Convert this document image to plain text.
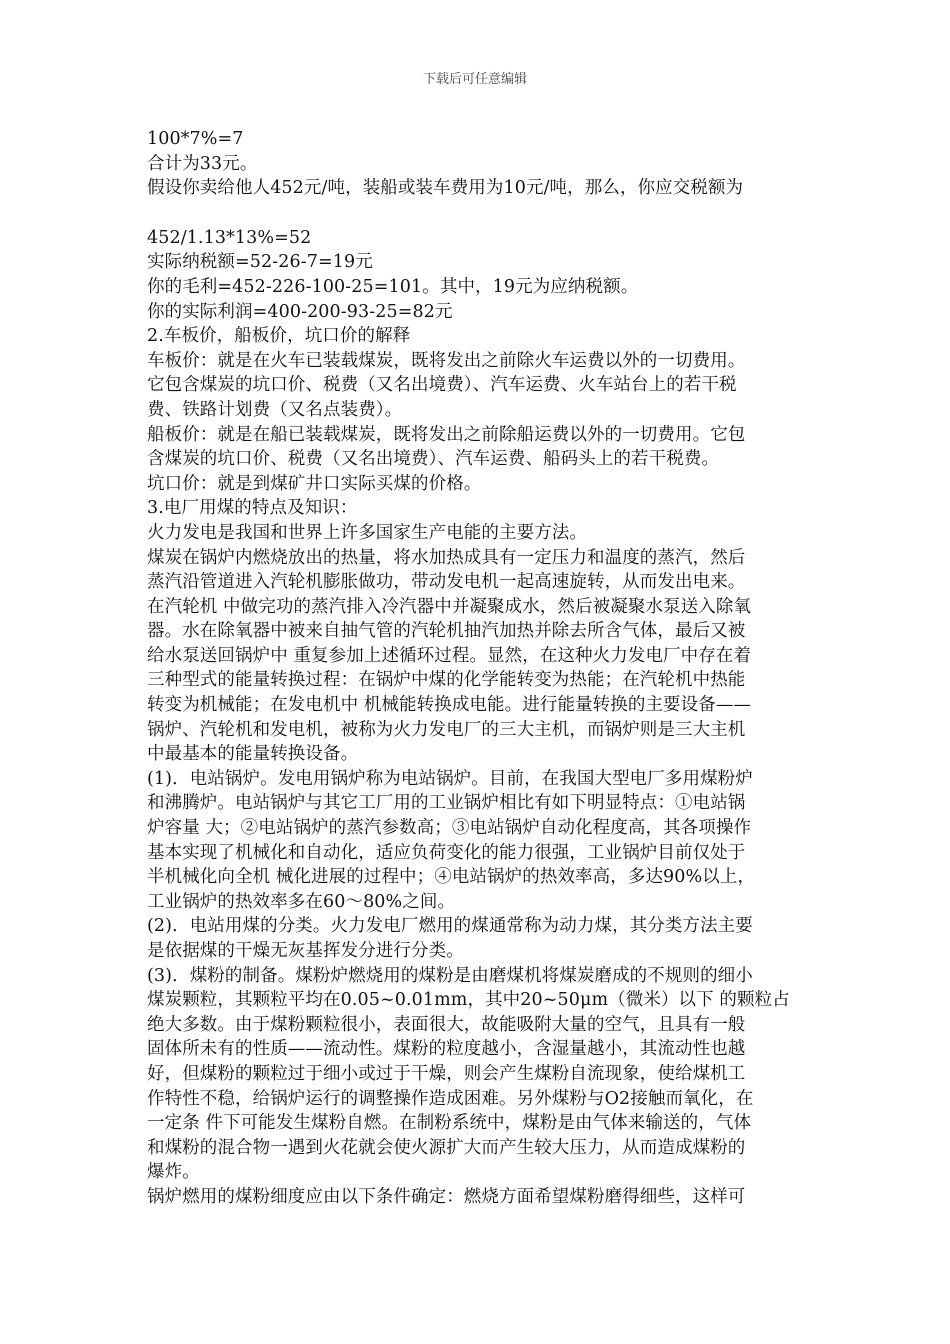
下载后可任意编辑
100*7%=7
合计为33元。
假设你卖给他人452元/吨，装船或装车费用为10元/吨，那么，你应交税额为
452/1.13*13%=52
实际纳税额=52-26-7=19元
你的毛利=452-226-100-25=101。其中，19元为应纳税额。
你的实际利润=400-200-93-25=82元
2.车板价，船板价，坑口价的解释
车板价：就是在火车已装载煤炭，既将发出之前除火车运费以外的一切费用。
它包含煤炭的坑口价、税费（又名出境费）、汽车运费、火车站台上的若干税
费、铁路计划费（又名点装费）。
船板价：就是在船已装载煤炭，既将发出之前除船运费以外的一切费用。它包
含煤炭的坑口价、税费（又名出境费）、汽车运费、船码头上的若干税费。
坑口价：就是到煤矿井口实际买煤的价格。
3.电厂用煤的特点及知识：
火力发电是我国和世界上许多国家生产电能的主要方法。
煤炭在锅炉内燃烧放出的热量，将水加热成具有一定压力和温度的蒸汽，然后
蒸汽沿管道进入汽轮机膨胀做功，带动发电机一起高速旋转，从而发出电来。
在汽轮机 中做完功的蒸汽排入冷汽器中并凝聚成水，然后被凝聚水泵送入除氧
器。水在除氧器中被来自抽气管的汽轮机抽汽加热并除去所含气体，最后又被
给水泵送回锅炉中 重复参加上述循环过程。显然，在这种火力发电厂中存在着
三种型式的能量转换过程：在锅炉中煤的化学能转变为热能；在汽轮机中热能
转变为机械能；在发电机中 机械能转换成电能。进行能量转换的主要设备——
锅炉、汽轮机和发电机，被称为火力发电厂的三大主机，而锅炉则是三大主机
中最基本的能量转换设备。
(1)．电站锅炉。发电用锅炉称为电站锅炉。目前，在我国大型电厂多用煤粉炉
和沸腾炉。电站锅炉与其它工厂用的工业锅炉相比有如下明显特点：①电站锅
炉容量 大；②电站锅炉的蒸汽参数高；③电站锅炉自动化程度高，其各项操作
基本实现了机械化和自动化，适应负荷变化的能力很强，工业锅炉目前仅处于
半机械化向全机 械化进展的过程中；④电站锅炉的热效率高，多达90%以上，
工业锅炉的热效率多在60～80%之间。
(2)．电站用煤的分类。火力发电厂燃用的煤通常称为动力煤，其分类方法主要
是依据煤的干燥无灰基挥发分进行分类。
(3)．煤粉的制备。煤粉炉燃烧用的煤粉是由磨煤机将煤炭磨成的不规则的细小
煤炭颗粒，其颗粒平均在0.05~0.01mm，其中20~50μm（微米）以下 的颗粒占
绝大多数。由于煤粉颗粒很小，表面很大，故能吸附大量的空气，且具有一般
固体所未有的性质——流动性。煤粉的粒度越小，含湿量越小，其流动性也越
好，但煤粉的颗粒过于细小或过于干燥，则会产生煤粉自流现象，使给煤机工
作特性不稳，给锅炉运行的调整操作造成困难。另外煤粉与O2接触而氧化，在
一定条 件下可能发生煤粉自燃。在制粉系统中，煤粉是由气体来输送的，气体
和煤粉的混合物一遇到火花就会使火源扩大而产生较大压力，从而造成煤粉的
爆炸。
锅炉燃用的煤粉细度应由以下条件确定：燃烧方面希望煤粉磨得细些，这样可
